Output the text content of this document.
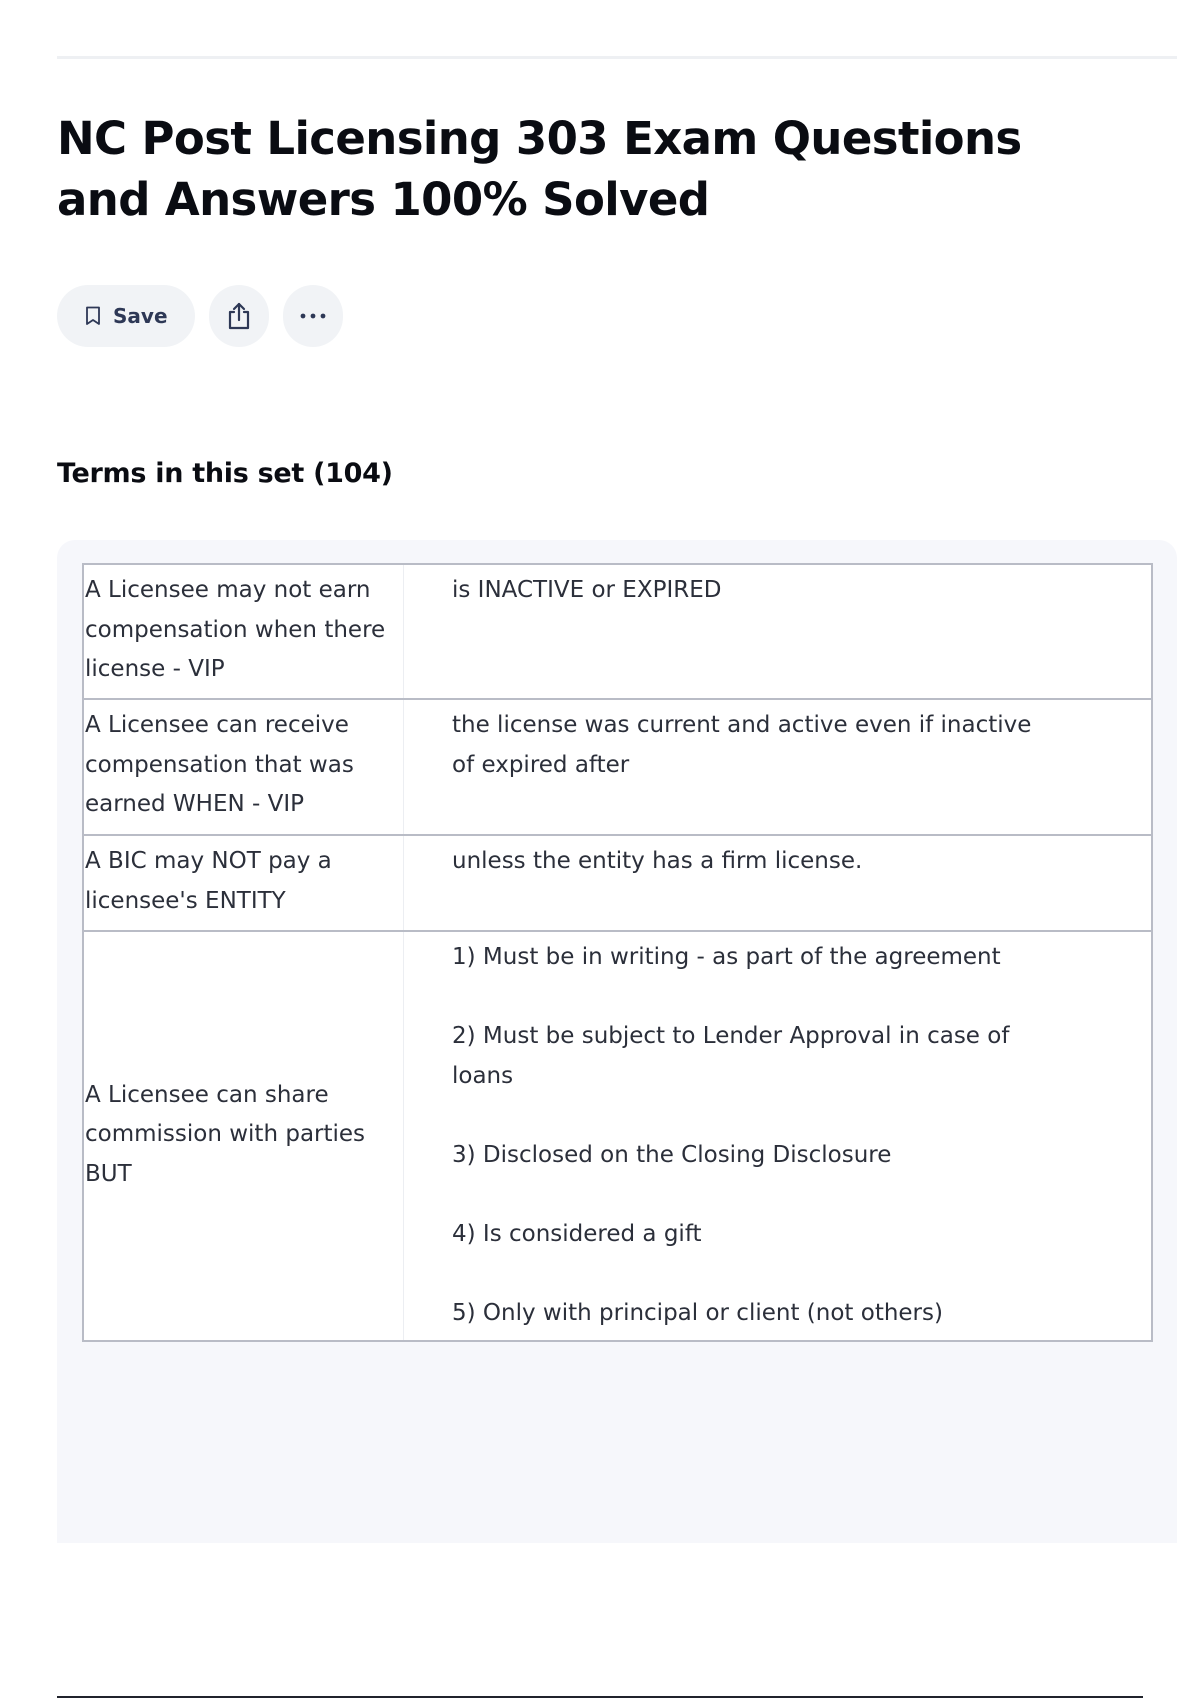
NC Post Licensing 303 Exam Questions and Answers 100% Solved
Save
Terms in this set (104)
A Licensee may not earn compensation when there license - VIP

is INACTIVE or EXPIRED

A Licensee can receive compensation that was earned WHEN - VIP

the license was current and active even if inactive of expired after

A BIC may NOT pay a licensee's ENTITY

unless the entity has a firm license.

A Licensee can share commission with parties BUT

1) Must be in writing - as part of the agreement

2) Must be subject to Lender Approval in case of loans

3) Disclosed on the Closing Disclosure

4) Is considered a gift

5) Only with principal or client (not others)
